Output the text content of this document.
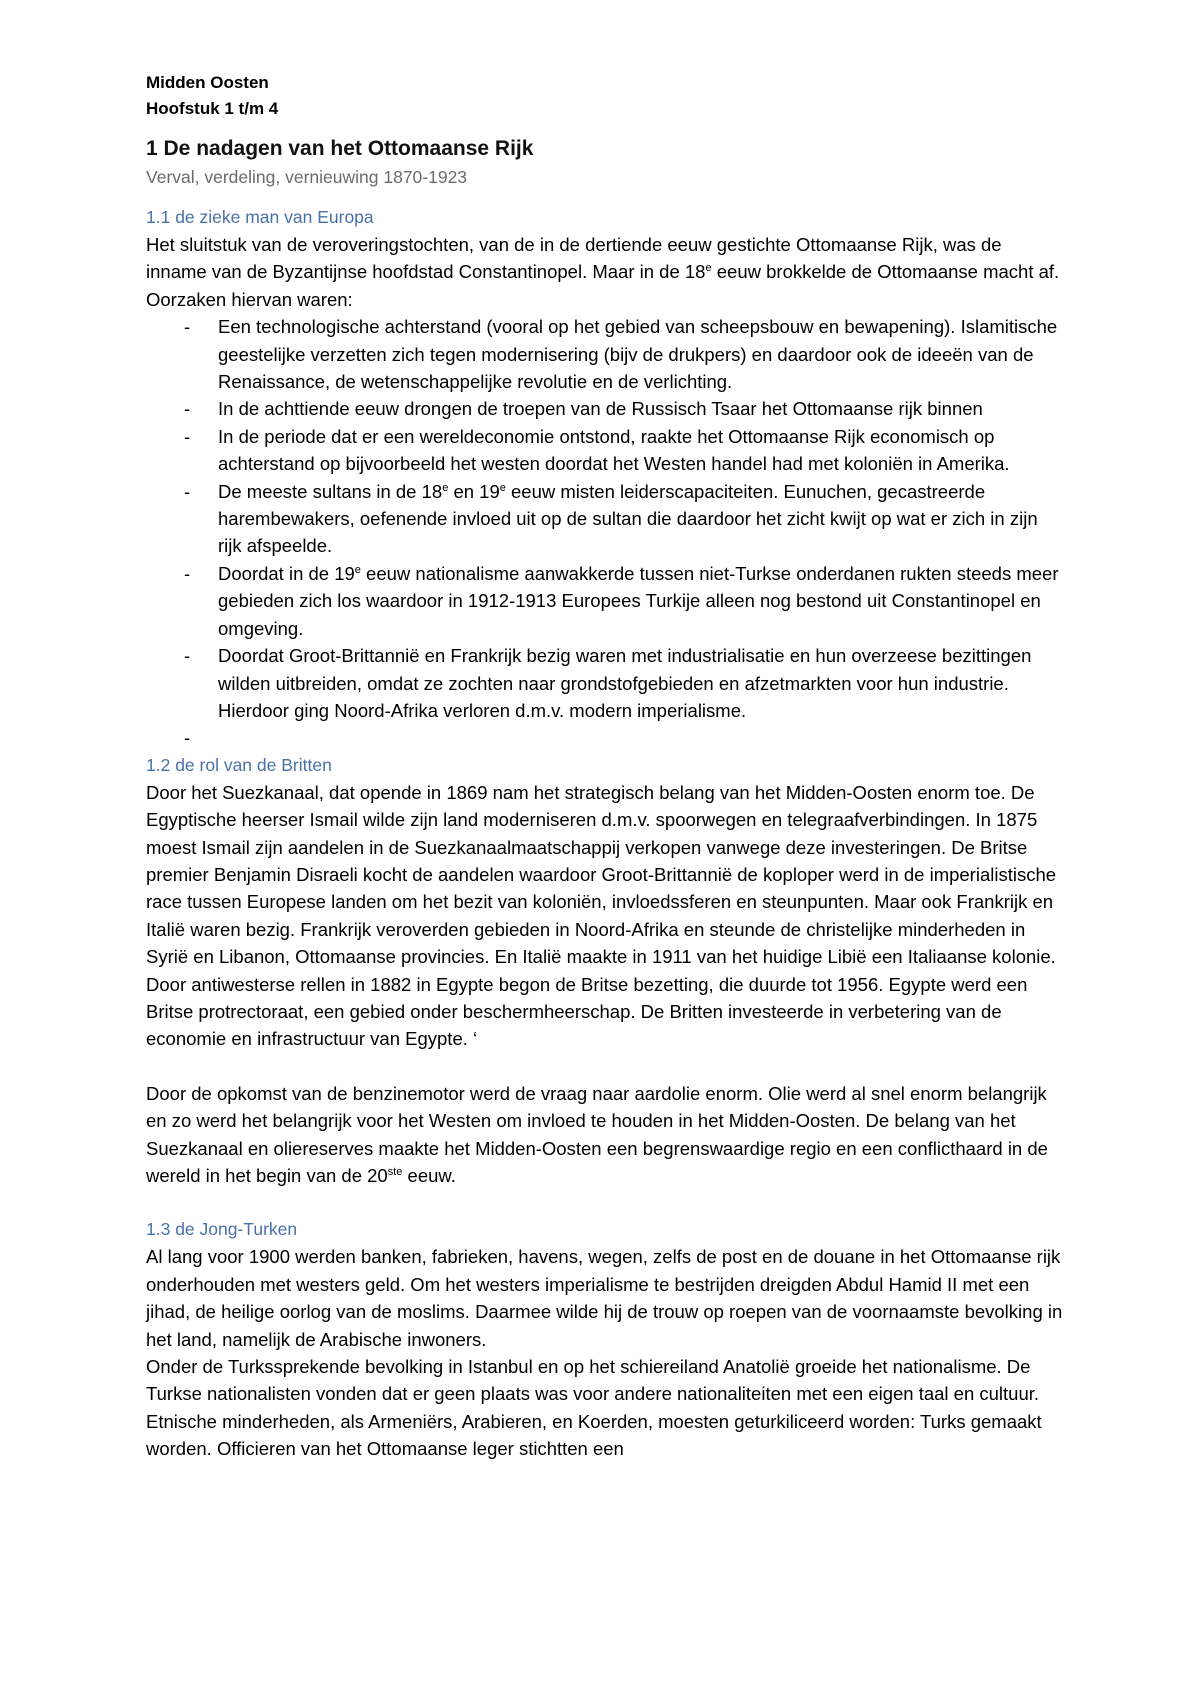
Midden Oosten
Hoofstuk 1 t/m 4
1 De nadagen van het Ottomaanse Rijk
Verval, verdeling, vernieuwing 1870-1923
1.1 de zieke man van Europa

Het sluitstuk van de veroveringstochten, van de in de dertiende eeuw gestichte Ottomaanse Rijk, was de inname van de Byzantijnse hoofdstad Constantinopel. Maar in de 18e eeuw brokkelde de Ottomaanse macht af. Oorzaken hiervan waren:

- Een technologische achterstand (vooral op het gebied van scheepsbouw en bewapening). Islamitische geestelijke verzetten zich tegen modernisering (bijv de drukpers) en daardoor ook de ideeën van de Renaissance, de wetenschappelijke revolutie en de verlichting.
- In de achttiende eeuw drongen de troepen van de Russisch Tsaar het Ottomaanse rijk binnen
- In de periode dat er een wereldeconomie ontstond, raakte het Ottomaanse Rijk economisch op achterstand op bijvoorbeeld het westen doordat het Westen handel had met koloniën in Amerika.
- De meeste sultans in de 18e en 19e eeuw misten leiderscapaciteiten. Eunuchen, gecastreerde harembewakers, oefenende invloed uit op de sultan die daardoor het zicht kwijt op wat er zich in zijn rijk afspeelde.
- Doordat in de 19e eeuw nationalisme aanwakkerde tussen niet-Turkse onderdanen rukten steeds meer gebieden zich los waardoor in 1912-1913 Europees Turkije alleen nog bestond uit Constantinopel en omgeving.
- Doordat Groot-Brittannië en Frankrijk bezig waren met industrialisatie en hun overzeese bezittingen wilden uitbreiden, omdat ze zochten naar grondstofgebieden en afzetmarkten voor hun industrie. Hierdoor ging Noord-Afrika verloren d.m.v. modern imperialisme.
-

1.2 de rol van de Britten

Door het Suezkanaal, dat opende in 1869 nam het strategisch belang van het Midden-Oosten enorm toe. De Egyptische heerser Ismail wilde zijn land moderniseren d.m.v. spoorwegen en telegraafverbindingen. In 1875 moest Ismail zijn aandelen in de Suezkanaalmaatschappij verkopen vanwege deze investeringen. De Britse premier Benjamin Disraeli kocht de aandelen waardoor Groot-Brittannië de koploper werd in de imperialistische race tussen Europese landen om het bezit van koloniën, invloedssferen en steunpunten. Maar ook Frankrijk en Italië waren bezig. Frankrijk veroverden gebieden in Noord-Afrika en steunde de christelijke minderheden in Syrië en Libanon, Ottomaanse provincies. En Italië maakte in 1911 van het huidige Libië een Italiaanse kolonie.

Door antiwesterse rellen in 1882 in Egypte begon de Britse bezetting, die duurde tot 1956. Egypte werd een Britse protrectoraat, een gebied onder beschermheerschap. De Britten investeerde in verbetering van de economie en infrastructuur van Egypte. ‘

Door de opkomst van de benzinemotor werd de vraag naar aardolie enorm. Olie werd al snel enorm belangrijk en zo werd het belangrijk voor het Westen om invloed te houden in het Midden-Oosten. De belang van het Suezkanaal en oliereserves maakte het Midden-Oosten een begrenswaardige regio en een conflicthaard in de wereld in het begin van de 20ste eeuw.

1.3 de Jong-Turken

Al lang voor 1900 werden banken, fabrieken, havens, wegen, zelfs de post en de douane in het Ottomaanse rijk onderhouden met westers geld. Om het westers imperialisme te bestrijden dreigden Abdul Hamid II met een jihad, de heilige oorlog van de moslims. Daarmee wilde hij de trouw op roepen van de voornaamste bevolking in het land, namelijk de Arabische inwoners.

Onder de Turkssprekende bevolking in Istanbul en op het schiereiland Anatolië groeide het nationalisme. De Turkse nationalisten vonden dat er geen plaats was voor andere nationaliteiten met een eigen taal en cultuur. Etnische minderheden, als Armeniërs, Arabieren, en Koerden, moesten geturkiliceerd worden: Turks gemaakt worden. Officieren van het Ottomaanse leger stichtten een
